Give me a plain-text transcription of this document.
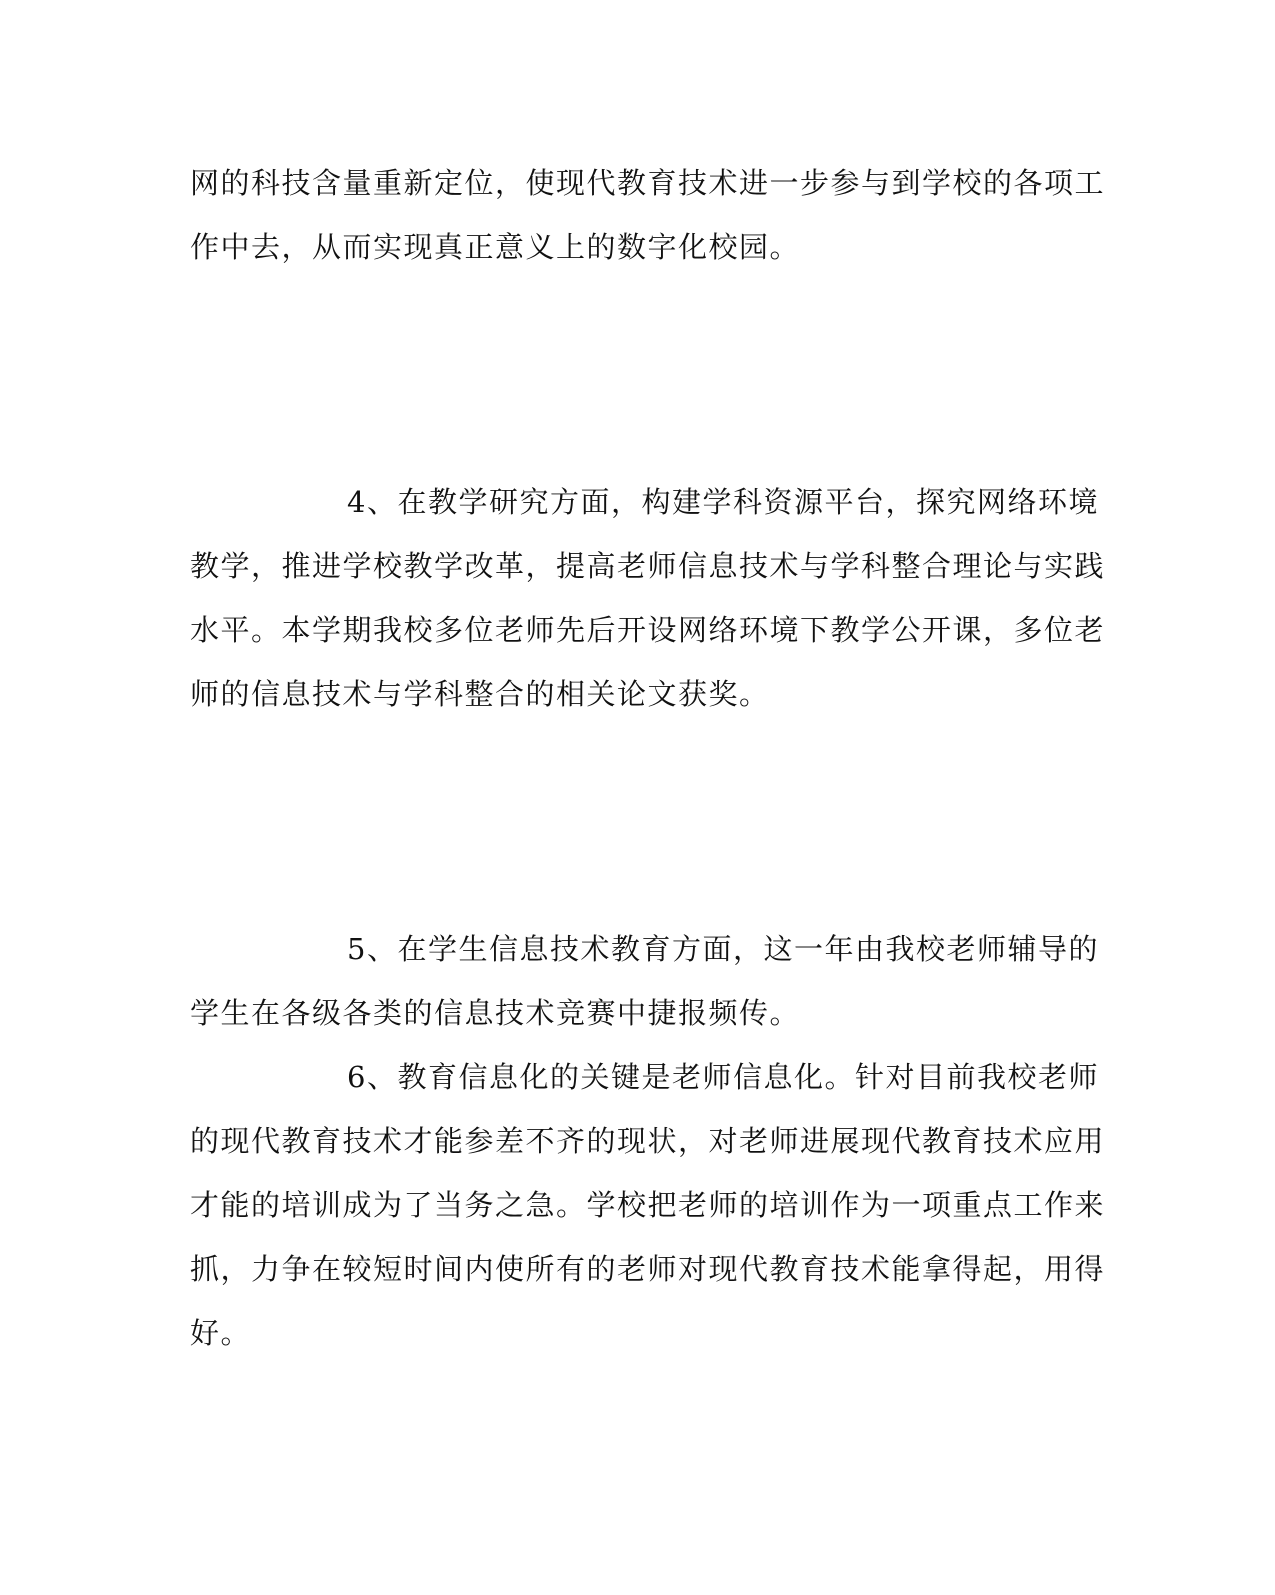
网的科技含量重新定位，使现代教育技术进一步参与到学校的各项工
作中去，从而实现真正意义上的数字化校园。
4、在教学研究方面，构建学科资源平台，探究网络环境
教学，推进学校教学改革，提高老师信息技术与学科整合理论与实践
水平。本学期我校多位老师先后开设网络环境下教学公开课，多位老
师的信息技术与学科整合的相关论文获奖。
5、在学生信息技术教育方面，这一年由我校老师辅导的
学生在各级各类的信息技术竞赛中捷报频传。
6、教育信息化的关键是老师信息化。针对目前我校老师
的现代教育技术才能参差不齐的现状，对老师进展现代教育技术应用
才能的培训成为了当务之急。学校把老师的培训作为一项重点工作来
抓，力争在较短时间内使所有的老师对现代教育技术能拿得起，用得
好。
